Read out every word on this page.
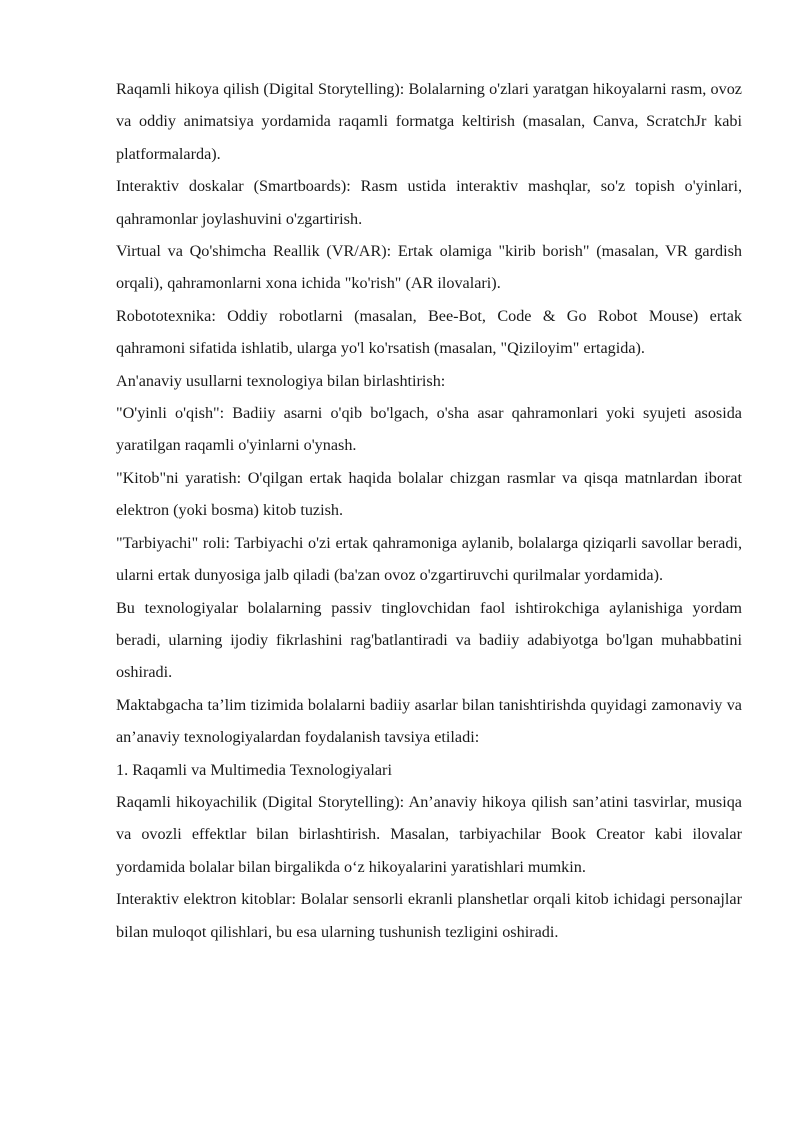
Raqamli hikoya qilish (Digital Storytelling): Bolalarning o'zlari yaratgan hikoyalarni rasm, ovoz va oddiy animatsiya yordamida raqamli formatga keltirish (masalan, Canva, ScratchJr kabi platformalarda).

Interaktiv doskalar (Smartboards): Rasm ustida interaktiv mashqlar, so'z topish o'yinlari, qahramonlar joylashuvini o'zgartirish.

Virtual va Qo'shimcha Reallik (VR/AR): Ertak olamiga "kirib borish" (masalan, VR gardish orqali), qahramonlarni xona ichida "ko'rish" (AR ilovalari).

Robototexnika: Oddiy robotlarni (masalan, Bee-Bot, Code & Go Robot Mouse) ertak qahramoni sifatida ishlatib, ularga yo'l ko'rsatish (masalan, "Qiziloyim" ertagida).

An'anaviy usullarni texnologiya bilan birlashtirish:

"O'yinli o'qish": Badiiy asarni o'qib bo'lgach, o'sha asar qahramonlari yoki syujeti asosida yaratilgan raqamli o'yinlarni o'ynash.

"Kitob"ni yaratish: O'qilgan ertak haqida bolalar chizgan rasmlar va qisqa matnlardan iborat elektron (yoki bosma) kitob tuzish.

"Tarbiyachi" roli: Tarbiyachi o'zi ertak qahramoniga aylanib, bolalarga qiziqarli savollar beradi, ularni ertak dunyosiga jalb qiladi (ba'zan ovoz o'zgartiruvchi qurilmalar yordamida).

Bu texnologiyalar bolalarning passiv tinglovchidan faol ishtirokchiga aylanishiga yordam beradi, ularning ijodiy fikrlashini rag'batlantiradi va badiiy adabiyotga bo'lgan muhabbatini oshiradi.

Maktabgacha ta’lim tizimida bolalarni badiiy asarlar bilan tanishtirishda quyidagi zamonaviy va an’anaviy texnologiyalardan foydalanish tavsiya etiladi:

1. Raqamli va Multimedia Texnologiyalari

Raqamli hikoyachilik (Digital Storytelling): An’anaviy hikoya qilish san’atini tasvirlar, musiqa va ovozli effektlar bilan birlashtirish. Masalan, tarbiyachilar Book Creator kabi ilovalar yordamida bolalar bilan birgalikda o‘z hikoyalarini yaratishlari mumkin.

Interaktiv elektron kitoblar: Bolalar sensorli ekranli planshetlar orqali kitob ichidagi personajlar bilan muloqot qilishlari, bu esa ularning tushunish tezligini oshiradi.
